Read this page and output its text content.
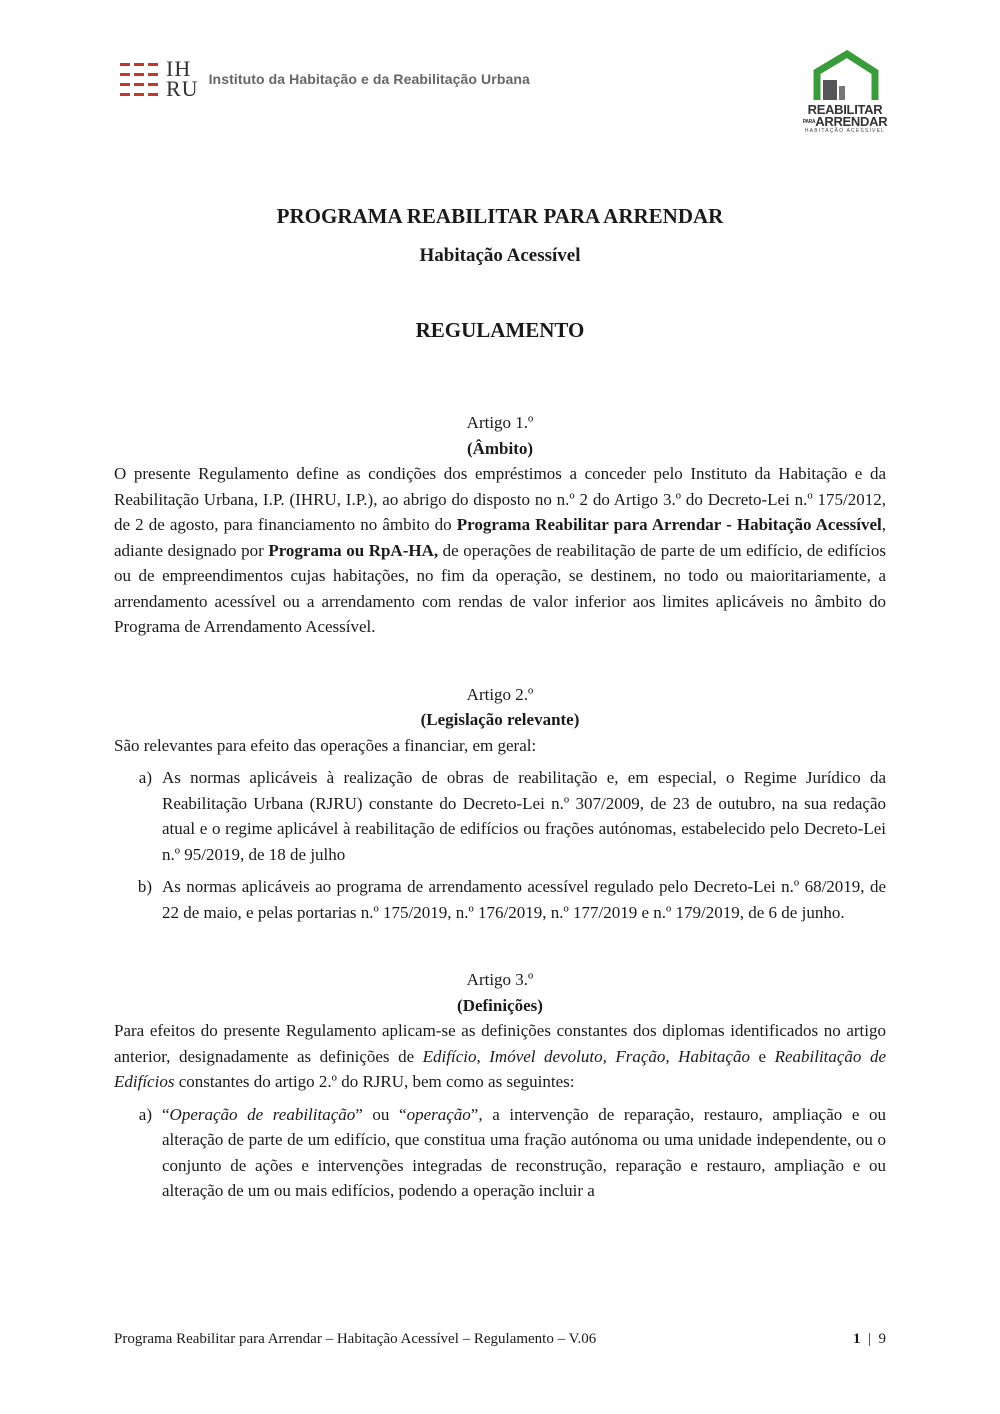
IH
RU Instituto da Habitação e da Reabilitação Urbana
REABILITAR
$^{PARA}$ARRENDAR
HABITAÇÃO ACESSÍVEL
PROGRAMA REABILITAR PARA ARRENDAR
Habitação Acessível
REGULAMENTO

Artigo 1.º

(Âmbito)

O presente Regulamento define as condições dos empréstimos a conceder pelo Instituto da Habitação e da Reabilitação Urbana, I.P. (IHRU, I.P.), ao abrigo do disposto no n.º 2 do Artigo 3.º do Decreto-Lei n.º 175/2012, de 2 de agosto, para financiamento no âmbito do Programa Reabilitar para Arrendar - Habitação Acessível, adiante designado por Programa ou RpA-HA, de operações de reabilitação de parte de um edifício, de edifícios ou de empreendimentos cujas habitações, no fim da operação, se destinem, no todo ou maioritariamente, a arrendamento acessível ou a arrendamento com rendas de valor inferior aos limites aplicáveis no âmbito do Programa de Arrendamento Acessível.

Artigo 2.º

(Legislação relevante)

São relevantes para efeito das operações a financiar, em geral:

a) As normas aplicáveis à realização de obras de reabilitação e, em especial, o Regime Jurídico da Reabilitação Urbana (RJRU) constante do Decreto-Lei n.º 307/2009, de 23 de outubro, na sua redação atual e o regime aplicável à reabilitação de edifícios ou frações autónomas, estabelecido pelo Decreto-Lei n.º 95/2019, de 18 de julho
b) As normas aplicáveis ao programa de arrendamento acessível regulado pelo Decreto-Lei n.º 68/2019, de 22 de maio, e pelas portarias n.º 175/2019, n.º 176/2019, n.º 177/2019 e n.º 179/2019, de 6 de junho.

Artigo 3.º

(Definições)

Para efeitos do presente Regulamento aplicam-se as definições constantes dos diplomas identificados no artigo anterior, designadamente as definições de Edifício, Imóvel devoluto, Fração, Habitação e Reabilitação de Edifícios constantes do artigo 2.º do RJRU, bem como as seguintes:

a) “Operação de reabilitação” ou “operação”, a intervenção de reparação, restauro, ampliação e ou alteração de parte de um edifício, que constitua uma fração autónoma ou uma unidade independente, ou o conjunto de ações e intervenções integradas de reconstrução, reparação e restauro, ampliação e ou alteração de um ou mais edifícios, podendo a operação incluir a
Programa Reabilitar para Arrendar – Habitação Acessível – Regulamento – V.06	1 | 9
